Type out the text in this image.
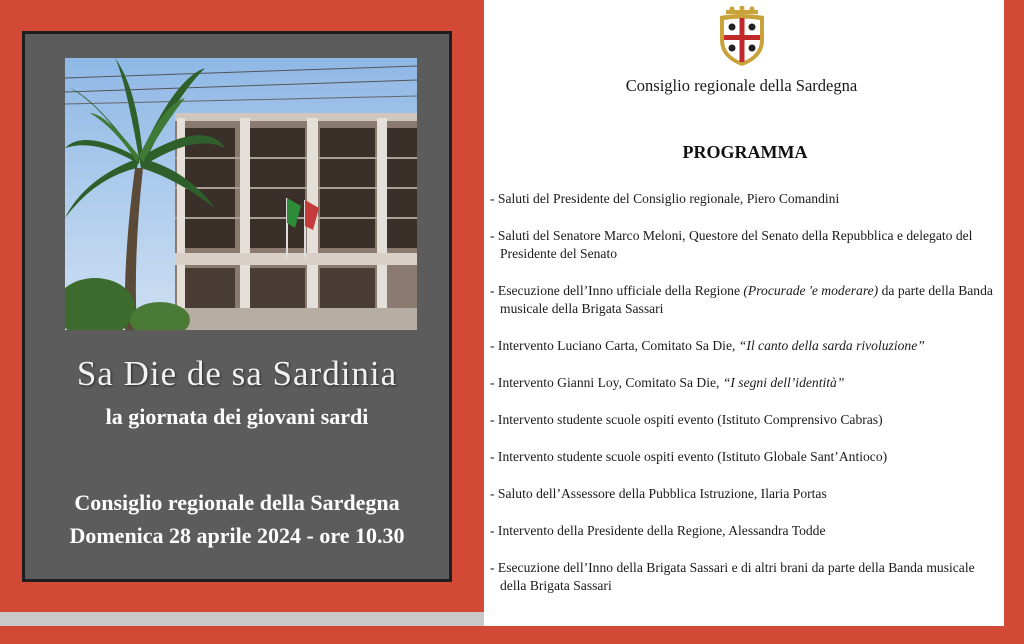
Sa Die de sa Sardinia
la giornata dei giovani sardi
Consiglio regionale della Sardegna
Domenica 28 aprile 2024 - ore 10.30
Consiglio regionale della Sardegna
PROGRAMMA
- Saluti del Presidente del Consiglio regionale, Piero Comandini
- Saluti del Senatore Marco Meloni, Questore del Senato della Repubblica e delegato del Presidente del Senato
- Esecuzione dell’Inno ufficiale della Regione (Procurade 'e moderare) da parte della Banda musicale della Brigata Sassari
- Intervento Luciano Carta, Comitato Sa Die, “Il canto della sarda rivoluzione”
- Intervento Gianni Loy, Comitato Sa Die, “I segni dell’identità”
- Intervento studente scuole ospiti evento (Istituto Comprensivo Cabras)
- Intervento studente scuole ospiti evento (Istituto Globale Sant’Antioco)
- Saluto dell’Assessore della Pubblica Istruzione, Ilaria Portas
- Intervento della Presidente della Regione, Alessandra Todde
- Esecuzione dell’Inno della Brigata Sassari e di altri brani da parte della Banda musicale della Brigata Sassari
